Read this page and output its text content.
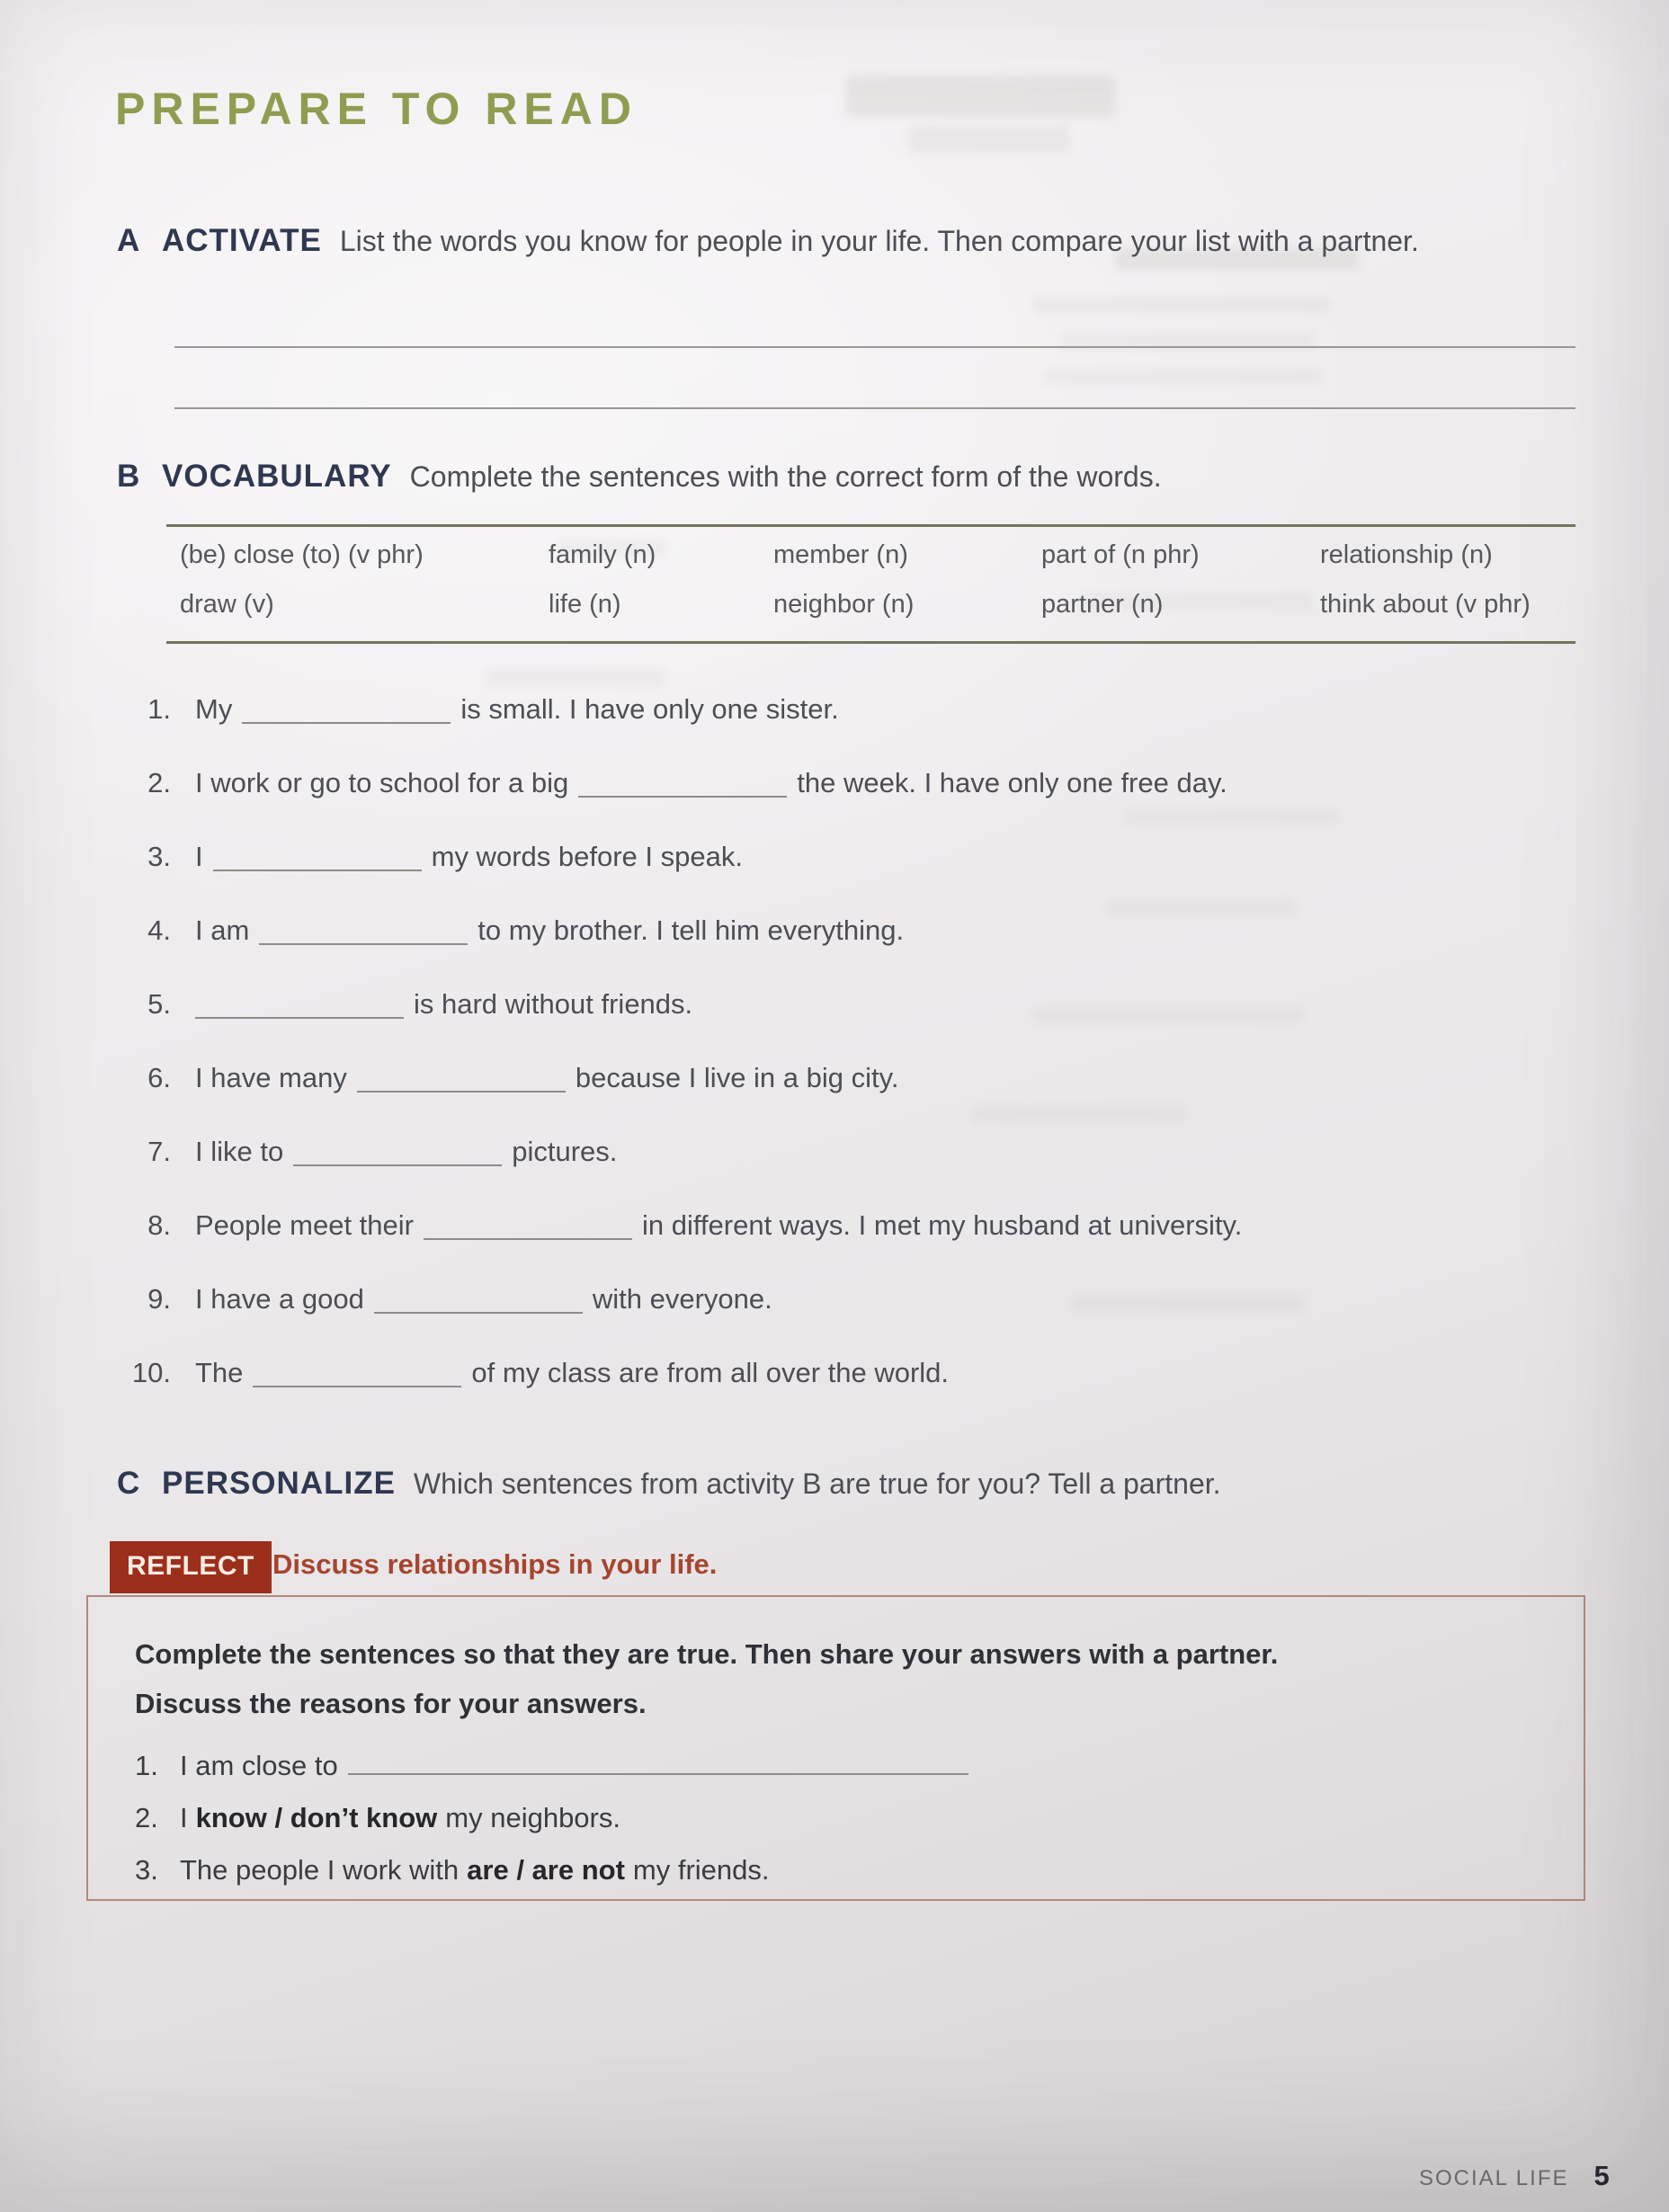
PREPARE TO READ
A ACTIVATE List the words you know for people in your life. Then compare your list with a partner.
B VOCABULARY Complete the sentences with the correct form of the words.
(be) close (to) (v phr)	family (n)	member (n)	part of (n phr)	relationship (n)
draw (v)	life (n)	neighbor (n)	partner (n)	think about (v phr)
1. My	is small. I have only one sister.
2. I work or go to school for a big	the week. I have only one free day.
3. I	my words before I speak.
4. I am	to my brother. I tell him everything.
5.	is hard without friends.
6. I have many	because I live in a big city.
7. I like to	pictures.
8. People meet their	in different ways. I met my husband at university.
9. I have a good	with everyone.
10. The	of my class are from all over the world.
C PERSONALIZE Which sentences from activity B are true for you? Tell a partner.
REFLECT Discuss relationships in your life.

Complete the sentences so that they are true. Then share your answers with a partner.
Discuss the reasons for your answers.

1. I am close to
2. I know / don’t know my neighbors.
3. The people I work with are / are not my friends.
SOCIAL LIFE 5
